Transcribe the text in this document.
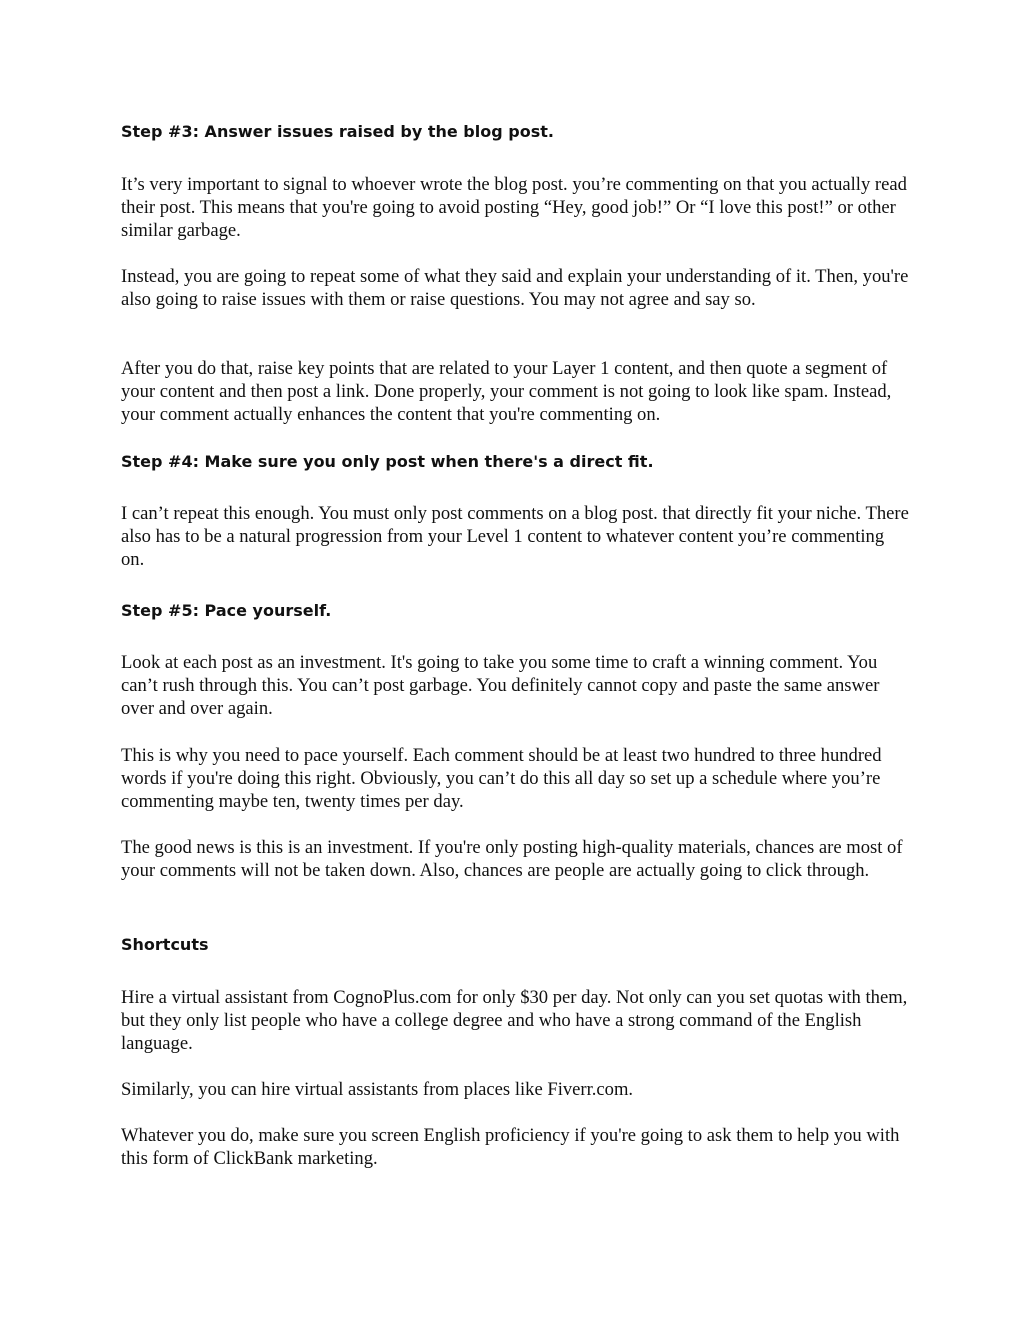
Step #3: Answer issues raised by the blog post.

It’s very important to signal to whoever wrote the blog post. you’re commenting on that you actually read their post. This means that you're going to avoid posting “Hey, good job!” Or “I love this post!” or other similar garbage.

Instead, you are going to repeat some of what they said and explain your understanding of it. Then, you're also going to raise issues with them or raise questions. You may not agree and say so.

After you do that, raise key points that are related to your Layer 1 content, and then quote a segment of your content and then post a link. Done properly, your comment is not going to look like spam. Instead, your comment actually enhances the content that you're commenting on.

Step #4: Make sure you only post when there's a direct fit.

I can’t repeat this enough. You must only post comments on a blog post. that directly fit your niche. There also has to be a natural progression from your Level 1 content to whatever content you’re commenting on.

Step #5: Pace yourself.

Look at each post as an investment. It's going to take you some time to craft a winning comment. You can’t rush through this. You can’t post garbage. You definitely cannot copy and paste the same answer over and over again.

This is why you need to pace yourself. Each comment should be at least two hundred to three hundred words if you're doing this right. Obviously, you can’t do this all day so set up a schedule where you’re commenting maybe ten, twenty times per day.

The good news is this is an investment. If you're only posting high-quality materials, chances are most of your comments will not be taken down. Also, chances are people are actually going to click through.

Shortcuts

Hire a virtual assistant from CognoPlus.com for only $30 per day. Not only can you set quotas with them, but they only list people who have a college degree and who have a strong command of the English language.

Similarly, you can hire virtual assistants from places like Fiverr.com.

Whatever you do, make sure you screen English proficiency if you're going to ask them to help you with this form of ClickBank marketing.
